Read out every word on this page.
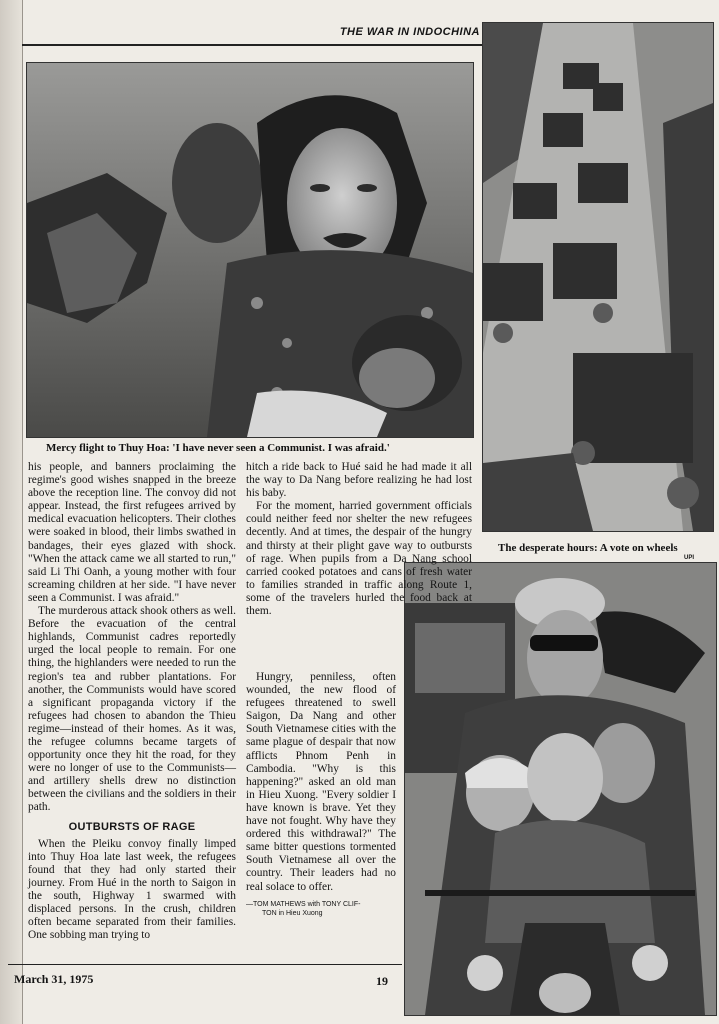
THE WAR IN INDOCHINA
Mercy flight to Thuy Hoa: 'I have never seen a Communist. I was afraid.'
The desperate hours: A vote on wheels
UPI

his people, and banners proclaiming the regime's good wishes snapped in the breeze above the reception line. The convoy did not appear. Instead, the first refugees arrived by medical evacuation helicopters. Their clothes were soaked in blood, their limbs swathed in bandages, their eyes glazed with shock. "When the attack came we all started to run," said Li Thi Oanh, a young mother with four screaming children at her side. "I have never seen a Communist. I was afraid."

The murderous attack shook others as well. Before the evacuation of the central highlands, Communist cadres reportedly urged the local people to remain. For one thing, the highlanders were needed to run the region's tea and rubber plantations. For another, the Communists would have scored a significant propaganda victory if the refugees had chosen to abandon the Thieu regime—instead of their homes. As it was, the refugee columns became targets of opportunity once they hit the road, for they were no longer of use to the Communists—and artillery shells drew no distinction between the civilians and the soldiers in their path.

OUTBURSTS OF RAGE

When the Pleiku convoy finally limped into Thuy Hoa late last week, the refugees found that they had only started their journey. From Hué in the north to Saigon in the south, Highway 1 swarmed with displaced persons. In the crush, children often became separated from their families. One sobbing man trying to

hitch a ride back to Hué said he had made it all the way to Da Nang before realizing he had lost his baby.

For the moment, harried government officials could neither feed nor shelter the new refugees decently. And at times, the despair of the hungry and thirsty at their plight gave way to outbursts of rage. When pupils from a Da Nang school carried cooked potatoes and cans of fresh water to families stranded in traffic along Route 1, some of the travelers hurled the food back at them.

Hungry, penniless, often wounded, the new flood of refugees threatened to swell Saigon, Da Nang and other South Vietnamese cities with the same plague of despair that now afflicts Phnom Penh in Cambodia. "Why is this happening?" asked an old man in Hieu Xuong. "Every soldier I have known is brave. Yet they have not fought. Why have they ordered this withdrawal?" The same bitter questions tormented South Vietnamese all over the country. Their leaders had no real solace to offer.

—TOM MATHEWS with TONY CLIF-
TON in Hieu Xuong
March 31, 1975	19
